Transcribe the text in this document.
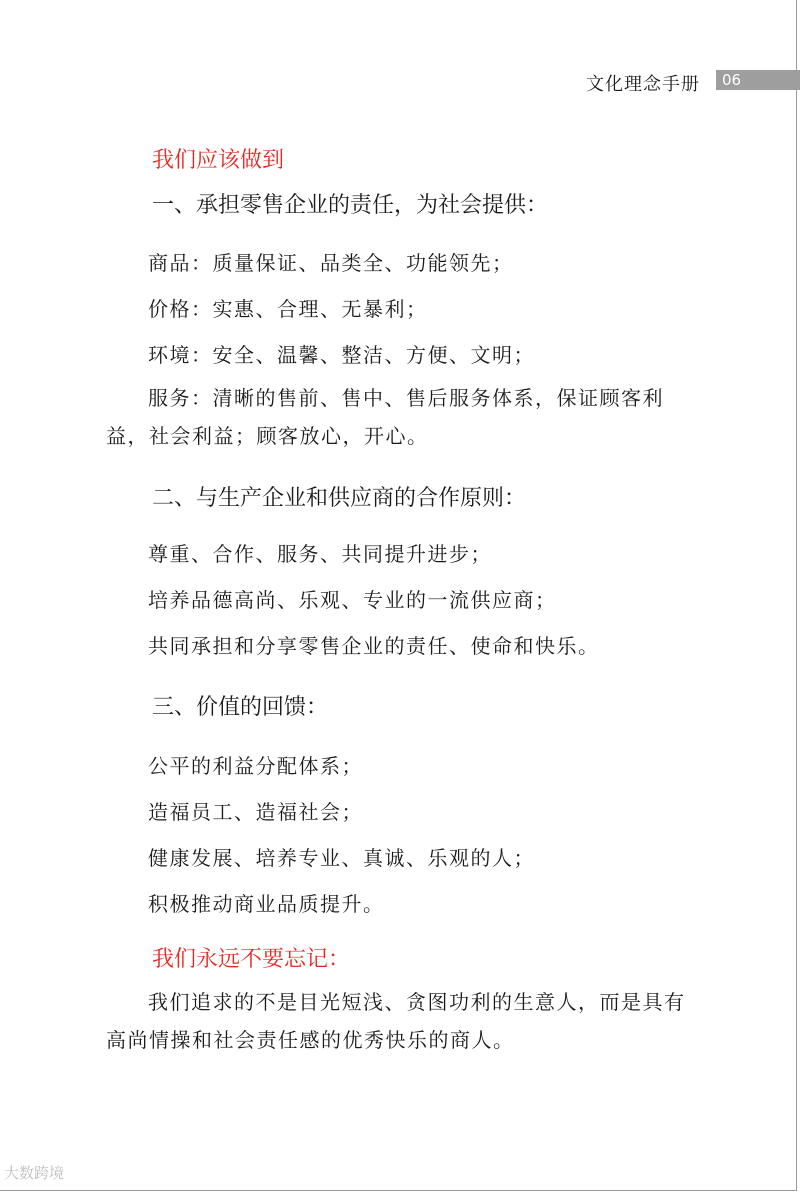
文化理念手册 06
我们应该做到
一、承担零售企业的责任，为社会提供：
商品：质量保证、品类全、功能领先；
价格：实惠、合理、无暴利；
环境：安全、温馨、整洁、方便、文明；
服务：清晰的售前、售中、售后服务体系，保证顾客利益，社会利益；顾客放心，开心。
二、与生产企业和供应商的合作原则：
尊重、合作、服务、共同提升进步；
培养品德高尚、乐观、专业的一流供应商；
共同承担和分享零售企业的责任、使命和快乐。
三、价值的回馈：
公平的利益分配体系；
造福员工、造福社会；
健康发展、培养专业、真诚、乐观的人；
积极推动商业品质提升。
我们永远不要忘记：
我们追求的不是目光短浅、贪图功利的生意人，而是具有高尚情操和社会责任感的优秀快乐的商人。
大数跨境
